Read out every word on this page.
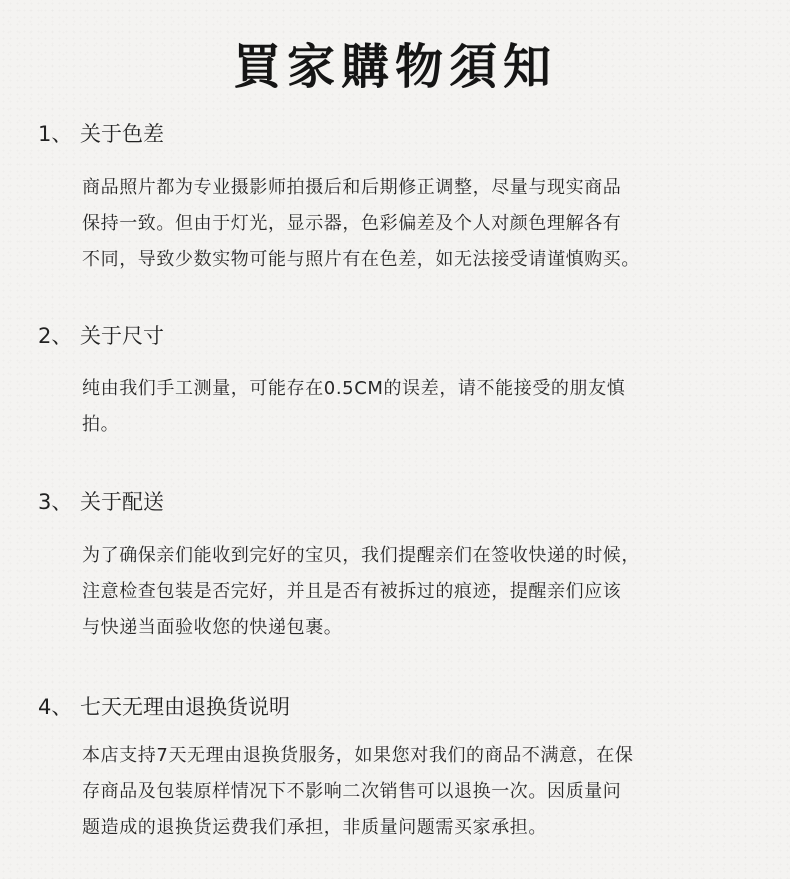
買家購物須知
1、 关于色差
商品照片都为专业摄影师拍摄后和后期修正调整，尽量与现实商品
保持一致。但由于灯光，显示器，色彩偏差及个人对颜色理解各有
不同，导致少数实物可能与照片有在色差，如无法接受请谨慎购买。
2、 关于尺寸
纯由我们手工测量，可能存在0.5CM的误差，请不能接受的朋友慎
拍。
3、 关于配送
为了确保亲们能收到完好的宝贝，我们提醒亲们在签收快递的时候，
注意检查包装是否完好，并且是否有被拆过的痕迹，提醒亲们应该
与快递当面验收您的快递包裹。
4、 七天无理由退换货说明
本店支持7天无理由退换货服务，如果您对我们的商品不满意，在保
存商品及包装原样情况下不影响二次销售可以退换一次。因质量问
题造成的退换货运费我们承担，非质量问题需买家承担。
